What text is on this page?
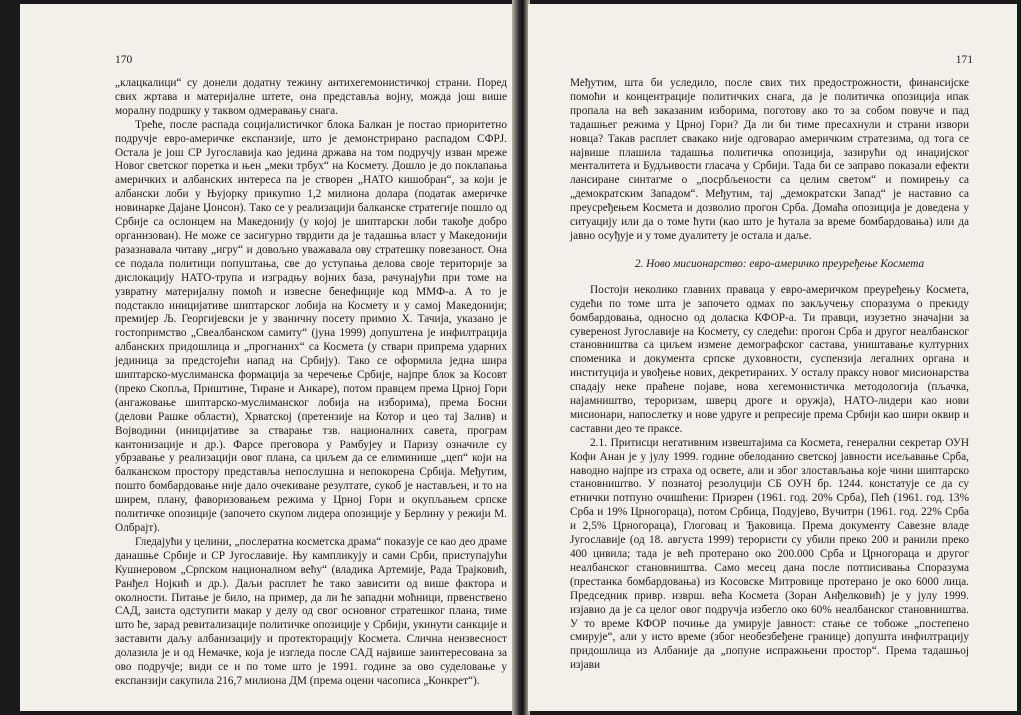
170

„клацкалици“ су донели додатну тежину антихегемонистичкој страни. Поред свих жртава и материјалне штете, она представља војну, можда још више моралну подршку у таквом одмеравању снага.

Треће, после распада социјалистичког блока Балкан је постао приоритетно подручје евро-америчке експанзије, што је демонстрирано распадом СФРЈ. Остала је још СР Југославија као једина држава на том подручју изван мреже Новог светског поретка и њен „меки трбух“ на Космету. Дошло је до поклапања америчких и албанских интереса па је створен „НАТО кишобран“, за који је албански лоби у Њујорку прикупио 1,2 милиона долара (податак америчке новинарке Дајане Џонсон). Тако се у реализацији балканске стратегије пошло од Србије са ослонцем на Македонију (у којој је шиптарски лоби такође добро организован). Не може се засигурно тврдити да је тадашња власт у Македонији разазнавала читаву „игру“ и довољно уважавала ову стратешку повезаност. Она се подала политици попуштања, све до уступања делова своје територије за дислокацију НАТО-трупа и изградњу војних база, рачунајући при томе на узвратну материјалну помоћ и извесне бенефиције код ММФ-а. А то је подстакло иницијативе шиптарског лобија на Космету и у самој Македонији; премијер Љ. Георгијевски је у званичну посету примио Х. Тачија, указано је гостопримство „Свеалбанском самиту“ (јуна 1999) допуштена је инфилтрација албанских придошлица и „прогнаних“ са Космета (у ствари припрема ударних јединица за предстојећи напад на Србију). Тако се оформила једна шира шиптарско-муслиманска формација за черечење Србије, најпре блок за Косовт (преко Скопља, Приштине, Тиране и Анкаре), потом правцем према Црној Гори (ангажовање шиптарско-муслиманског лобија на изборима), према Босни (делови Рашке области), Хрватској (претензије на Котор и цео тај Залив) и Војводини (иницијативе за стварање тзв. националних савета, програм кантонизације и др.). Фарсе преговора у Рамбујеу и Паризу означиле су убрзавање у реализацији овог плана, са циљем да се елиминише „цеп“ који на балканском простору представља непослушна и непокорена Србија. Међутим, пошто бомбардовање није дало очекиване резултате, сукоб је настављен, и то на ширем, плану, фаворизовањем режима у Црној Гори и окупљањем српске политичке опозиције (започето скупом лидера опозиције у Берлину у режији М. Олбрајт).

Гледајући у целини, „послератна косметска драма“ показује се као део драме данашње Србије и СР Југославије. Њу кампликују и сами Срби, приступајући Кушнеровом „Српском националном већу“ (владика Артемије, Рада Трајковић, Ранђел Нојкић и др.). Даљи расплет ће тако зависити од више фактора и околности. Питање је било, на пример, да ли ће западни моћници, првенствено САД, заиста одступити макар у делу од свог основног стратешког плана, тиме што ће, зарад ревитализације политичке опозиције у Србији, укинути санкције и заставити даљу албанизацију и протекторацију Космета. Слична неизвесност долазила је и од Немачке, која је изгледа после САД највише заинтересована за ово подручје; види се и по томе што је 1991. године за ово суделовање у експанзији сакупила 216,7 милиона ДМ (према оцени часописа „Конкрет“).

171

Међутим, шта би уследило, после свих тих предострожности, финансијске помоћи и концентрације политичких снага, да је политичка опозиција ипак пропала на већ заказаним изборима, поготову ако то за собом повуче и пад тадашњег режима у Црној Гори? Да ли би тиме пресахнули и страни извори новца? Такав расплет свакако није одговарао америчким стратезима, од тога се највише плашила тадашња политичка опозиција, зазирући од инаџијског менталитета и Будљивости гласача у Србији. Тада би се заправо показали ефекти лансиране синтагме о „посрбљености са целим светом“ и помирењу са „демократским Западом“. Међутим, тај „демократски Запад“ је наставио са преусређењем Космета и дозволио прогон Срба. Домаћа опозиција је доведена у ситуацију или да о томе ћути (као што је ћутала за време бомбардовања) или да јавно осуђује и у томе дуалитету је остала и даље.

2. Ново мисионарство: евро-америчко преуређење Космета

Постоји неколико главних праваца у евро-америчком преуређењу Космета, судећи по томе шта је започето одмах по закључењу споразума о прекиду бомбардовања, односно од доласка КФОР-а. Ти правци, изузетно значајни за суверенost Југославије на Космету, су следећи: прогон Срба и другог неалбанског становништва са циљем измене демографског састава, уништавање културних споменика и документа српске духовности, суспензија легалних органа и институција и увођење нових, декретираних. У осталу праксу новог мисионарства спадају неке праћене појаве, нова хегемонистичка методологија (пљачка, најамништво, тероризам, шверц дроге и оружја), НАТО-лидери као нови мисионари, напослетку и нове удруге и репресије према Србији као шири оквир и саставни део те праксе.

2.1. Притисци негативним извештајима са Космета, генерални секретар ОУН Кофи Анан је у јулу 1999. године обелоданио светској јавности исељавање Срба, наводно најпре из страха од освете, али и због злостављања које чини шиптарско становништво. У познатој резолуцији СБ ОУН бр. 1244. констатује се да су етнички потпуно очишћени: Призрен (1961. год. 20% Срба), Пећ (1961. год. 13% Срба и 19% Црногораца), потом Србица, Подујево, Вучитрн (1961. год. 22% Срба и 2,5% Црногораца), Глоговац и Ђаковица. Према документу Савезне владе Југославије (од 18. августа 1999) терористи су убили преко 200 и ранили преко 400 цивила; тада је већ протерано око 200.000 Срба и Црногораца и другог неалбанског становништва. Само месец дана после потписивања Споразума (престанка бомбардовања) из Косовске Митровице протерано је око 6000 лица. Председник привр. изврш. већа Космета (Зоран Анђелковић) је у јулу 1999. изјавио да је са целог овог подручја избегло око 60% неалбанског становништва. У то време КФОР почиње да умирује јавност: стање се тобоже „постепено смирује“, али у исто време (због необезбеђене границе) допушта инфилтрацију придошлица из Албаније да „попуне испражњени простор“. Према тадашњој изјави
